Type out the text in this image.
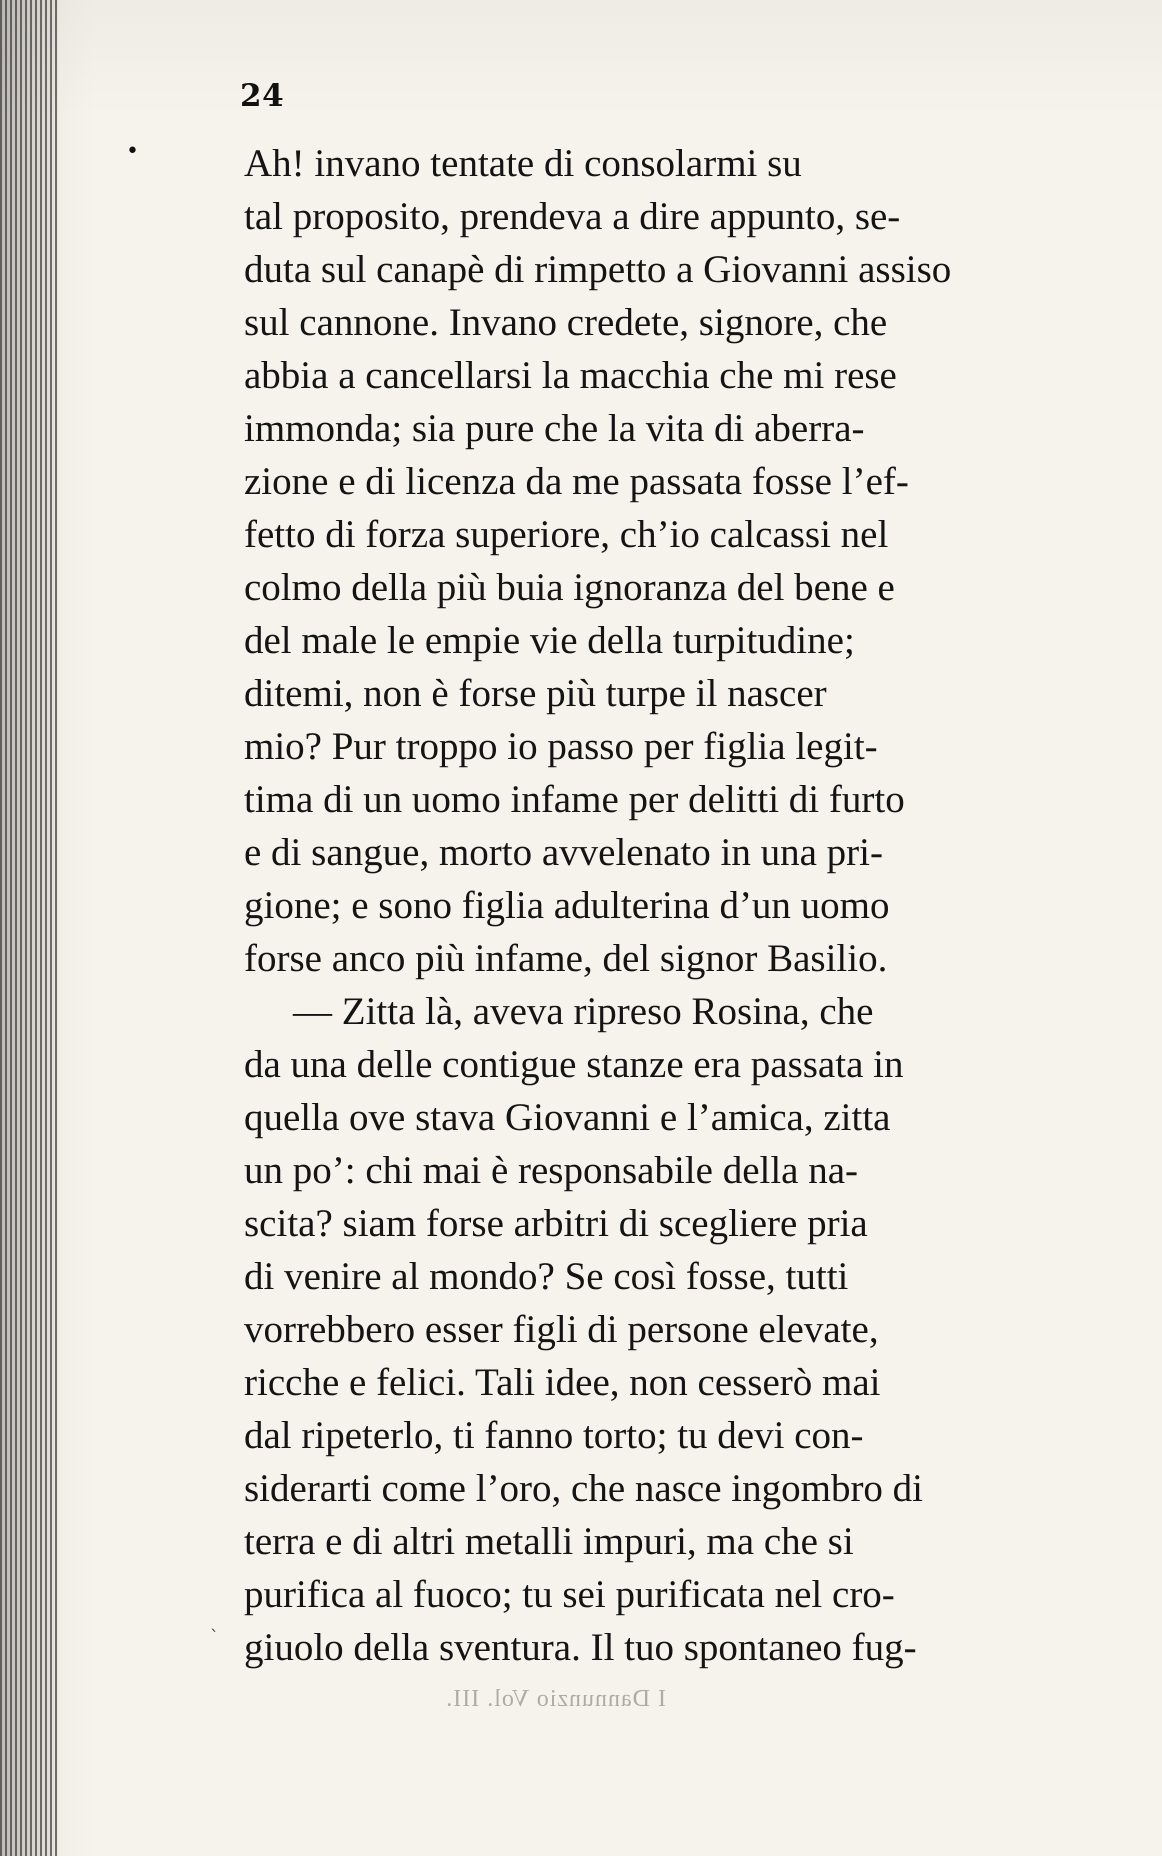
24
•	Ah! invano tentate di consolarmi su
tal proposito, prendeva a dire appunto, se-
duta sul canapè di rimpetto a Giovanni assiso
sul cannone. Invano credete, signore, che
abbia a cancellarsi la macchia che mi rese
immonda; sia pure che la vita di aberra-
zione e di licenza da me passata fosse l’ef-
fetto di forza superiore, ch’io calcassi nel
colmo della più buia ignoranza del bene e
del male le empie vie della turpitudine;
ditemi, non è forse più turpe il nascer
mio? Pur troppo io passo per figlia legit-
tima di un uomo infame per delitti di furto
e di sangue, morto avvelenato in una pri-
gione; e sono figlia adulterina d’un uomo
forse anco più infame, del signor Basilio.
— Zitta là, aveva ripreso Rosina, che
da una delle contigue stanze era passata in
quella ove stava Giovanni e l’amica, zitta
un po’: chi mai è responsabile della na-
scita? siam forse arbitri di scegliere pria
di venire al mondo? Se così fosse, tutti
vorrebbero esser figli di persone elevate,
ricche e felici. Tali idee, non cesserò mai
dal ripeterlo, ti fanno torto; tu devi con-
siderarti come l’oro, che nasce ingombro di
terra e di altri metalli impuri, ma che si
purifica al fuoco; tu sei purificata nel cro-
giuolo della sventura. Il tuo spontaneo fug-
`
I Dannunzio Vol. III.
